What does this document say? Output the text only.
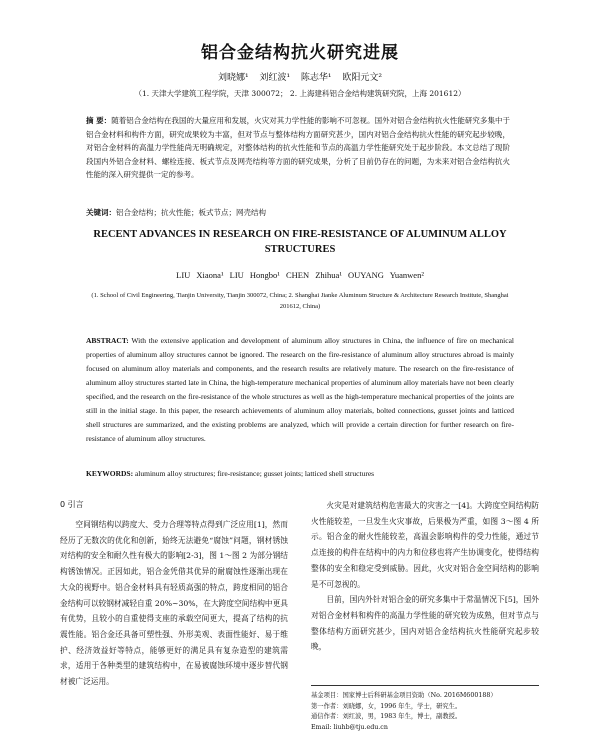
铝合金结构抗火研究进展
刘晓娜¹ 刘红波¹ 陈志华¹ 欧阳元文²
（1. 天津大学建筑工程学院，天津 300072； 2. 上海建科铝合金结构建筑研究院，上海 201612）
摘 要：随着铝合金结构在我国的大量应用和发展，火灾对其力学性能的影响不可忽视。国外对铝合金结构抗火性能研究多集中于铝合金材料和构件方面，研究成果较为丰富，但对节点与整体结构方面研究甚少，国内对铝合金结构抗火性能的研究起步较晚，对铝合金材料的高温力学性能尚无明确规定，对整体结构的抗火性能和节点的高温力学性能研究处于起步阶段。本文总结了现阶段国内外铝合金材料、螺栓连接、板式节点及网壳结构等方面的研究成果，分析了目前仍存在的问题，为未来对铝合金结构抗火性能的深入研究提供一定的参考。
关键词：铝合金结构；抗火性能；板式节点；网壳结构
RECENT ADVANCES IN RESEARCH ON FIRE-RESISTANCE OF ALUMINUM ALLOY STRUCTURES
LIU Xiaona¹ LIU Hongbo¹ CHEN Zhihua¹ OUYANG Yuanwen²
(1. School of Civil Engineering, Tianjin University, Tianjin 300072, China; 2. Shanghai Jianke Aluminum Structure & Architecture Research Institute, Shanghai 201612, China)
ABSTRACT: With the extensive application and development of aluminum alloy structures in China, the influence of fire on mechanical properties of aluminum alloy structures cannot be ignored. The research on the fire-resistance of aluminum alloy structures abroad is mainly focused on aluminum alloy materials and components, and the research results are relatively mature. The research on the fire-resistance of aluminum alloy structures started late in China, the high-temperature mechanical properties of aluminum alloy materials have not been clearly specified, and the research on the fire-resistance of the whole structures as well as the high-temperature mechanical properties of the joints are still in the initial stage. In this paper, the research achievements of aluminum alloy materials, bolted connections, gusset joints and latticed shell structures are summarized, and the existing problems are analyzed, which will provide a certain direction for further research on fire-resistance of aluminum alloy structures.
KEYWORDS: aluminum alloy structures; fire-resistance; gusset joints; latticed shell structures
0 引言

空间钢结构以跨度大、受力合理等特点得到广泛应用[1]，然而经历了无数次的优化和创新，始终无法避免“腐蚀”问题，钢材锈蚀对结构的安全和耐久性有极大的影响[2-3]，图 1～图 2 为部分钢结构锈蚀情况。正因如此，铝合金凭借其优异的耐腐蚀性逐渐出现在大众的视野中。铝合金材料具有轻质高强的特点，跨度相同的铝合金结构可以较钢材减轻自重 20%~30%，在大跨度空间结构中更具有优势，且较小的自重使得支座的承载空间更大，提高了结构的抗震性能。铝合金还具备可塑性强、外形美观、表面性能好、易于维护、经济效益好等特点，能够更好的满足具有复杂造型的建筑需求，适用于各种类型的建筑结构中，在易被腐蚀环境中逐步替代钢材被广泛运用。

火灾是对建筑结构危害最大的灾害之一[4]。大跨度空间结构防火性能较差，一旦发生火灾事故，后果极为严重，如图 3～图 4 所示。铝合金的耐火性能较差，高温会影响构件的受力性能，通过节点连接的构件在结构中的内力和位移也将产生协调变化，使得结构整体的安全和稳定受到威胁。因此，火灾对铝合金空间结构的影响是不可忽视的。

目前，国内外针对铝合金的研究多集中于常温情况下[5]，国外对铝合金材料和构件的高温力学性能的研究较为成熟，但对节点与整体结构方面研究甚少，国内对铝合金结构抗火性能研究起步较晚，

基金项目：国家博士后科研基金项目资助（No. 2016M600188）
第一作者：刘晓娜，女，1996 年生，学士，研究生。
通信作者：刘红波，男，1983 年生，博士，副教授。
Email: liuhb@tju.edu.cn
